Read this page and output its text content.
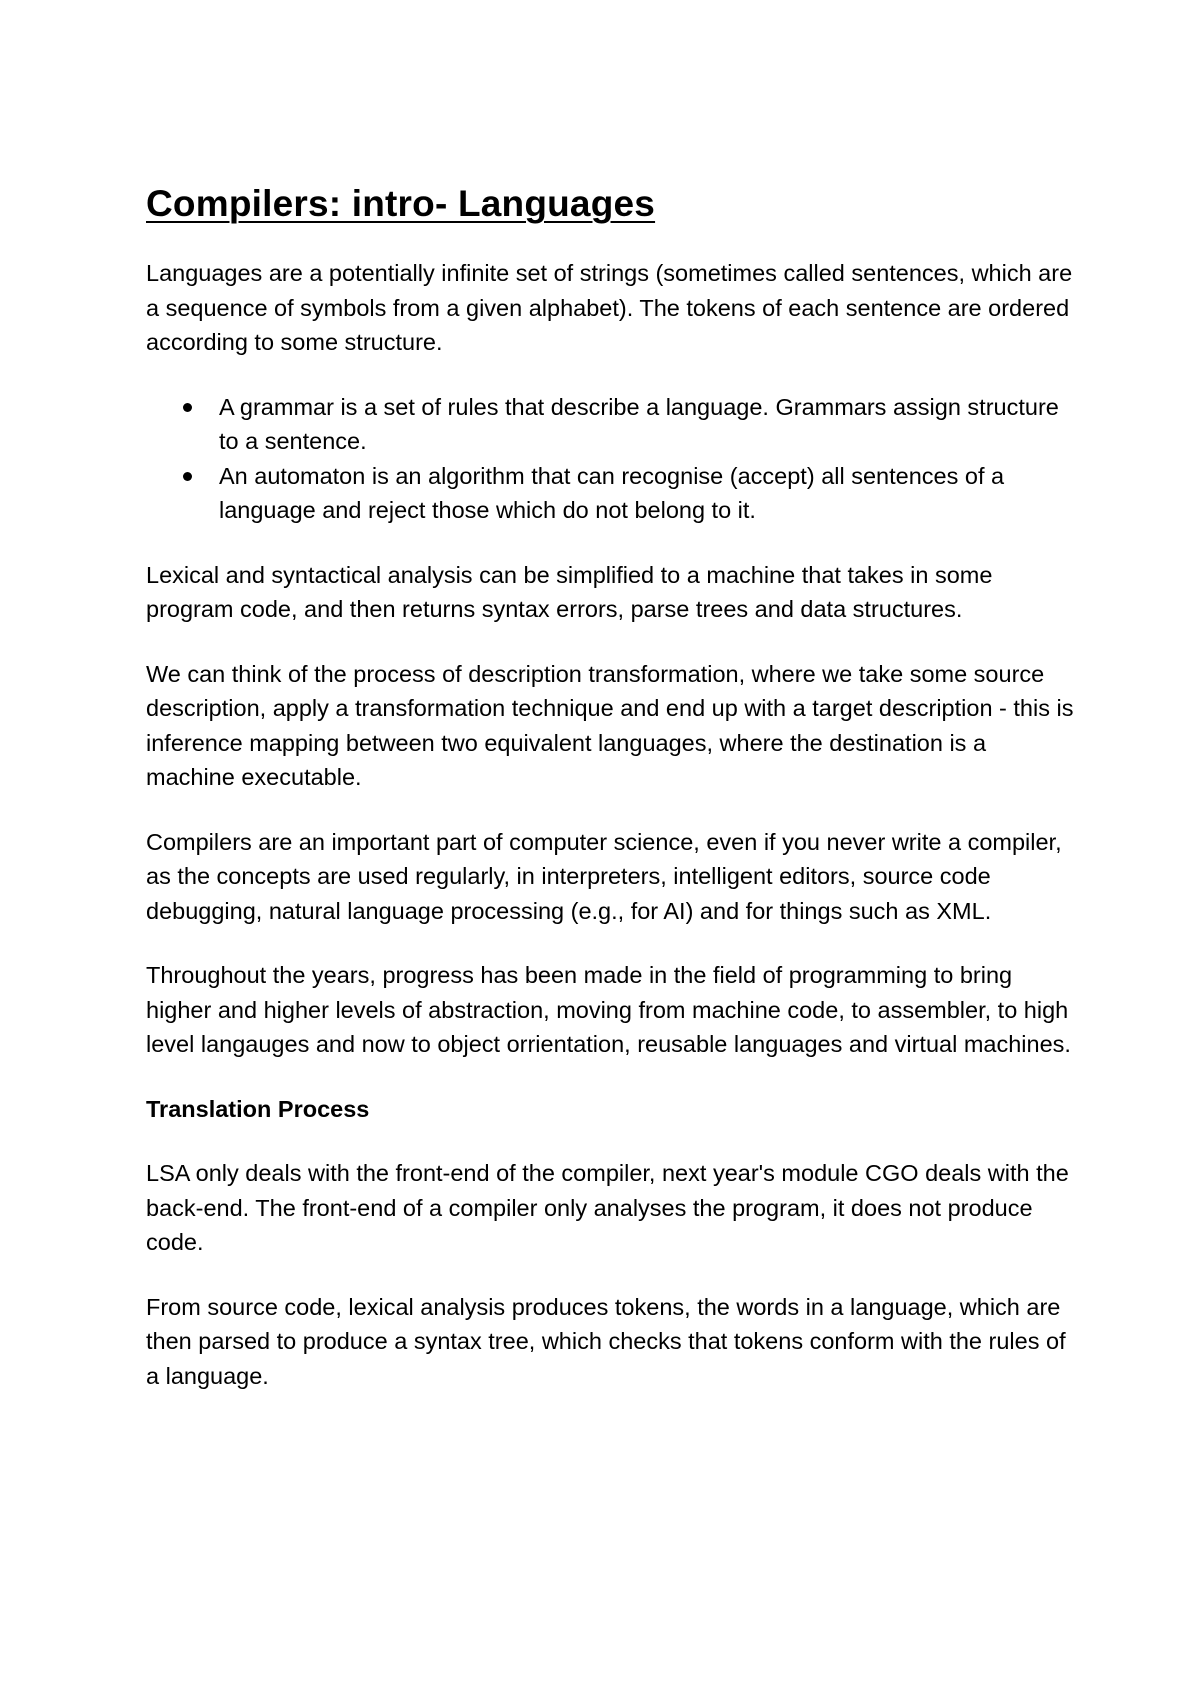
Compilers: intro- Languages

Languages are a potentially infinite set of strings (sometimes called sentences, which are a sequence of symbols from a given alphabet). The tokens of each sentence are ordered according to some structure.

A grammar is a set of rules that describe a language. Grammars assign structure to a sentence.
An automaton is an algorithm that can recognise (accept) all sentences of a language and reject those which do not belong to it.

Lexical and syntactical analysis can be simplified to a machine that takes in some program code, and then returns syntax errors, parse trees and data structures.

We can think of the process of description transformation, where we take some source description, apply a transformation technique and end up with a target description - this is inference mapping between two equivalent languages, where the destination is a machine executable.

Compilers are an important part of computer science, even if you never write a compiler, as the concepts are used regularly, in interpreters, intelligent editors, source code debugging, natural language processing (e.g., for AI) and for things such as XML.

Throughout the years, progress has been made in the field of programming to bring higher and higher levels of abstraction, moving from machine code, to assembler, to high level langauges and now to object orrientation, reusable languages and virtual machines.

Translation Process

LSA only deals with the front-end of the compiler, next year's module CGO deals with the back-end. The front-end of a compiler only analyses the program, it does not produce code.

From source code, lexical analysis produces tokens, the words in a language, which are then parsed to produce a syntax tree, which checks that tokens conform with the rules of a language.
